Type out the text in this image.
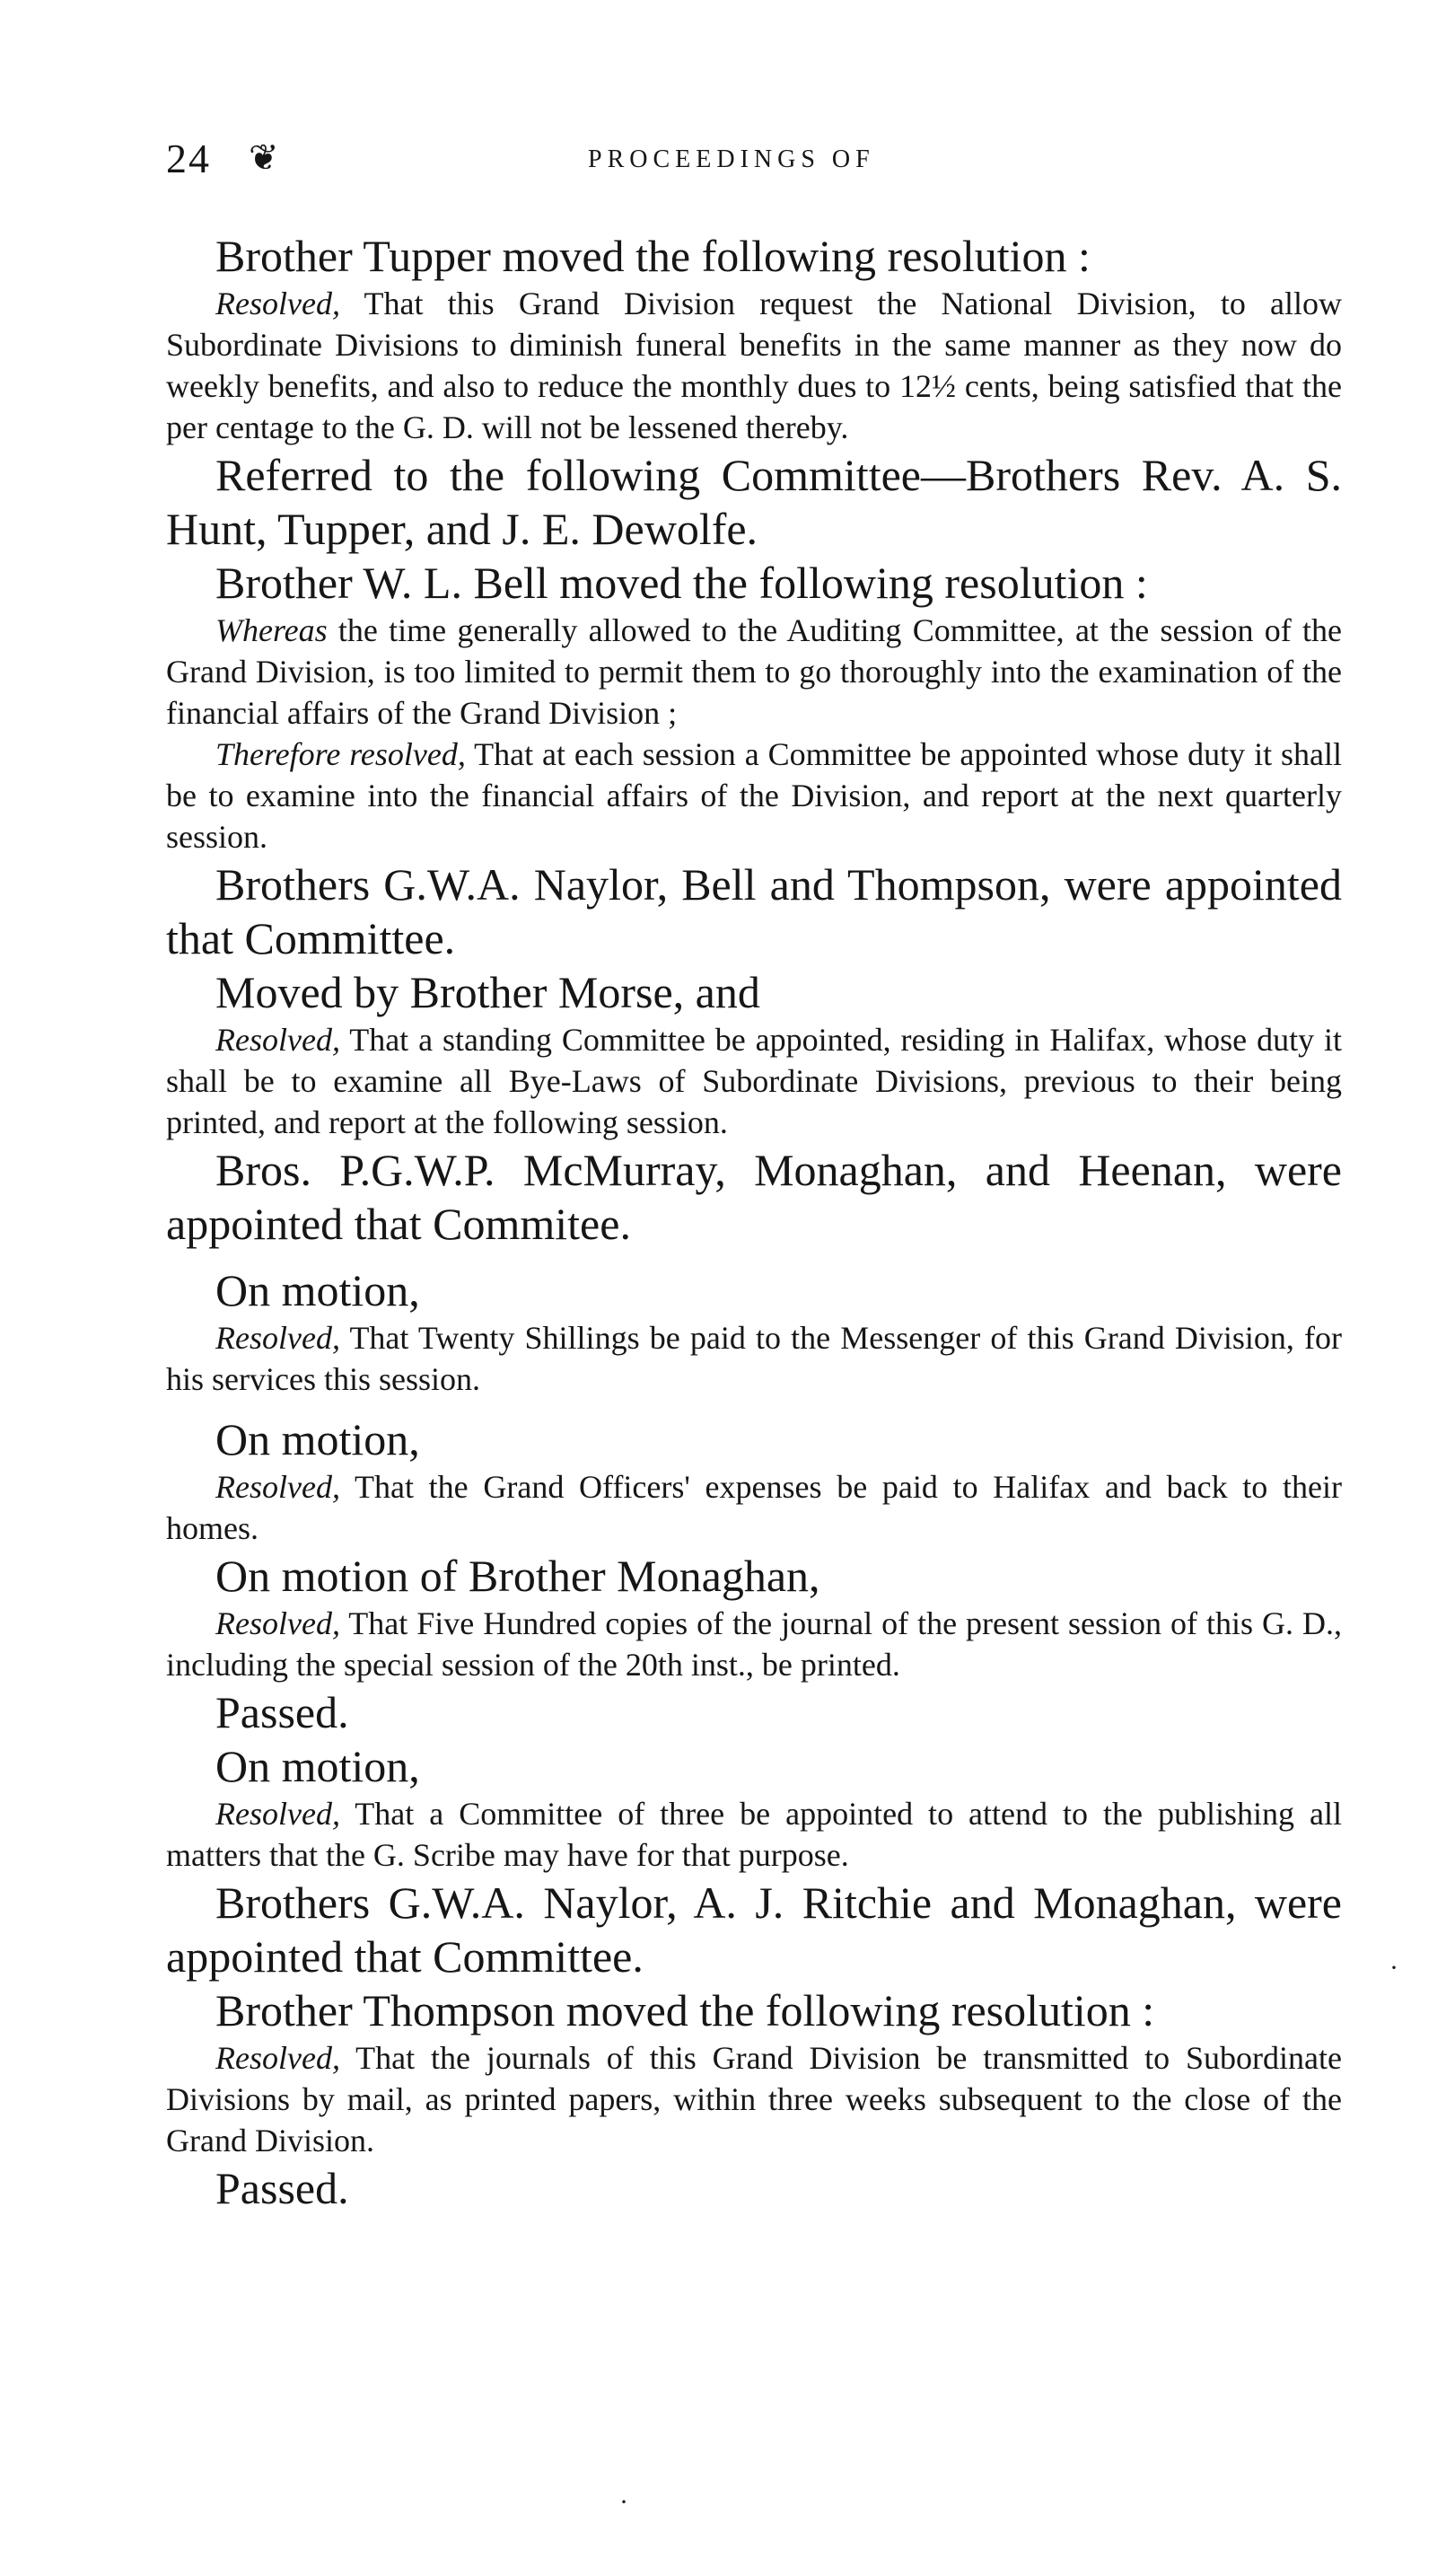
24 ❦	PROCEEDINGS OF

Brother Tupper moved the following resolution :

Resolved, That this Grand Division request the National Division, to allow Subordinate Divisions to diminish funeral benefits in the same manner as they now do weekly benefits, and also to reduce the monthly dues to 12½ cents, being satisfied that the per centage to the G. D. will not be lessened thereby.

Referred to the following Committee—Brothers Rev. A. S. Hunt, Tupper, and J. E. Dewolfe.

Brother W. L. Bell moved the following resolution :

Whereas the time generally allowed to the Auditing Committee, at the session of the Grand Division, is too limited to permit them to go thoroughly into the examination of the financial affairs of the Grand Division ;

Therefore resolved, That at each session a Committee be appointed whose duty it shall be to examine into the financial affairs of the Division, and report at the next quarterly session.

Brothers G.W.A. Naylor, Bell and Thompson, were appointed that Committee.

Moved by Brother Morse, and

Resolved, That a standing Committee be appointed, residing in Halifax, whose duty it shall be to examine all Bye-Laws of Subordinate Divisions, previous to their being printed, and report at the following session.

Bros. P.G.W.P. McMurray, Monaghan, and Heenan, were appointed that Commitee.

On motion,

Resolved, That Twenty Shillings be paid to the Messenger of this Grand Division, for his services this session.

On motion,

Resolved, That the Grand Officers' expenses be paid to Halifax and back to their homes.

On motion of Brother Monaghan,

Resolved, That Five Hundred copies of the journal of the present session of this G. D., including the special session of the 20th inst., be printed.

Passed.

On motion,

Resolved, That a Committee of three be appointed to attend to the publishing all matters that the G. Scribe may have for that purpose.

Brothers G.W.A. Naylor, A. J. Ritchie and Monaghan, were appointed that Committee.

Brother Thompson moved the following resolution :

Resolved, That the journals of this Grand Division be transmitted to Subordinate Divisions by mail, as printed papers, within three weeks subsequent to the close of the Grand Division.

Passed.

·
·
